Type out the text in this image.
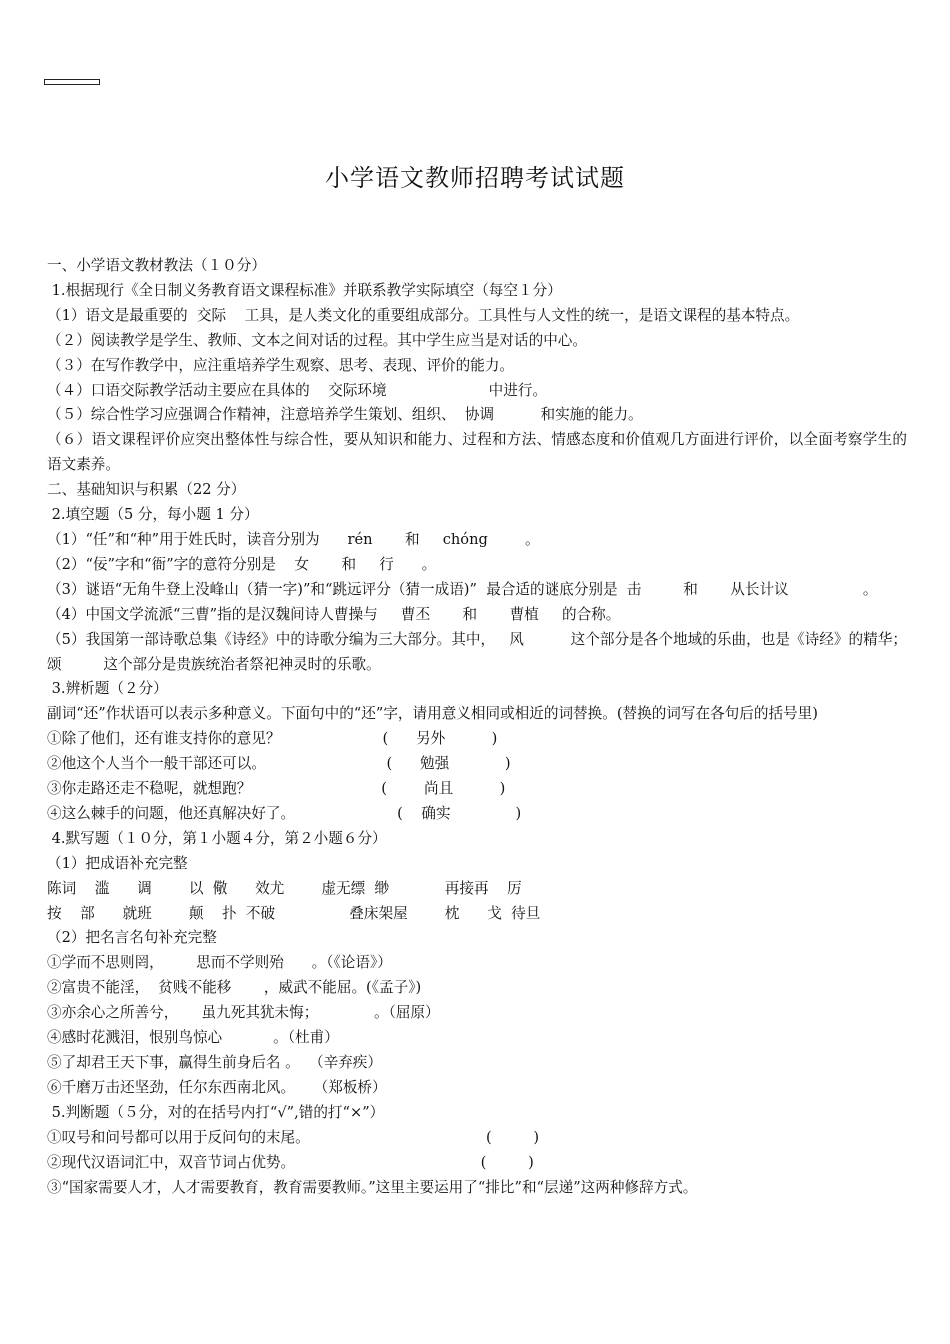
小学语文教师招聘考试试题
一、小学语文教材教法（１０分）
1.根据现行《全日制义务教育语文课程标准》并联系教学实际填空（每空１分）
（1）语文是最重要的  交际    工具，是人类文化的重要组成部分。工具性与人文性的统一，是语文课程的基本特点。
（２）阅读教学是学生、教师、文本之间对话的过程。其中学生应当是对话的中心。
（３）在写作教学中，应注重培养学生观察、思考、表现、评价的能力。
（４）口语交际教学活动主要应在具体的    交际环境                      中进行。
（５）综合性学习应强调合作精神，注意培养学生策划、组织、  协调          和实施的能力。
（６）语文课程评价应突出整体性与综合性，要从知识和能力、过程和方法、情感态度和价值观几方面进行评价，以全面考察学生的语文素养。
二、基础知识与积累（22 分）
2.填空题（5 分，每小题 1 分）
（1）“任”和“种”用于姓氏时，读音分别为      rén       和     chóng        。
（2）“佞”字和“衙”字的意符分别是    女       和     行      。
（3）谜语“无角牛登上没峰山（猜一字)”和“跳远评分（猜一成语)”  最合适的谜底分别是  击         和       从长计议                。
（4）中国文学流派“三曹”指的是汉魏间诗人曹操与     曹丕       和       曹植     的合称。
（5）我国第一部诗歌总集《诗经》中的诗歌分编为三大部分。其中，   风          这个部分是各个地域的乐曲，也是《诗经》的精华；       颂         这个部分是贵族统治者祭祀神灵时的乐歌。
3.辨析题（２分）
副词“还”作状语可以表示多种意义。下面句中的“还”字，请用意义相同或相近的词替换。(替换的词写在各句后的括号里)
①除了他们，还有谁支持你的意见？                      (      另外          )
②他这个人当个一般干部还可以。                          (      勉强            )
③你走路还走不稳呢，就想跑？                            (        尚且          )
④这么棘手的问题，他还真解决好了。                      (    确实              )
4.默写题（１０分，第１小题４分，第２小题６分）
（1）把成语补充完整
陈词    滥      调        以  儆      效尤        虚无缥  缈            再接再    厉
按    部      就班        颠    扑  不破                叠床架屋        枕      戈  待旦
（2）把名言名句补充完整
①学而不思则罔，       思而不学则殆      。（《论语》）
②富贵不能淫，  贫贱不能移       ，威武不能屈。(《孟子》)
③亦余心之所善兮，     虽九死其犹未悔；            。（屈原）
④感时花溅泪，恨别鸟惊心           。（杜甫）
⑤了却君王天下事，赢得生前身后名 。  （辛弃疾）
⑥千磨万击还坚劲，任尔东西南北风。    （郑板桥）
5.判断题（５分，对的在括号内打“√”,错的打“×”）
①叹号和问号都可以用于反问句的末尾。                                      (         )
②现代汉语词汇中，双音节词占优势。                                        (         )
③“国家需要人才，人才需要教育，教育需要教师。”这里主要运用了“排比”和“层递”这两种修辞方式。
